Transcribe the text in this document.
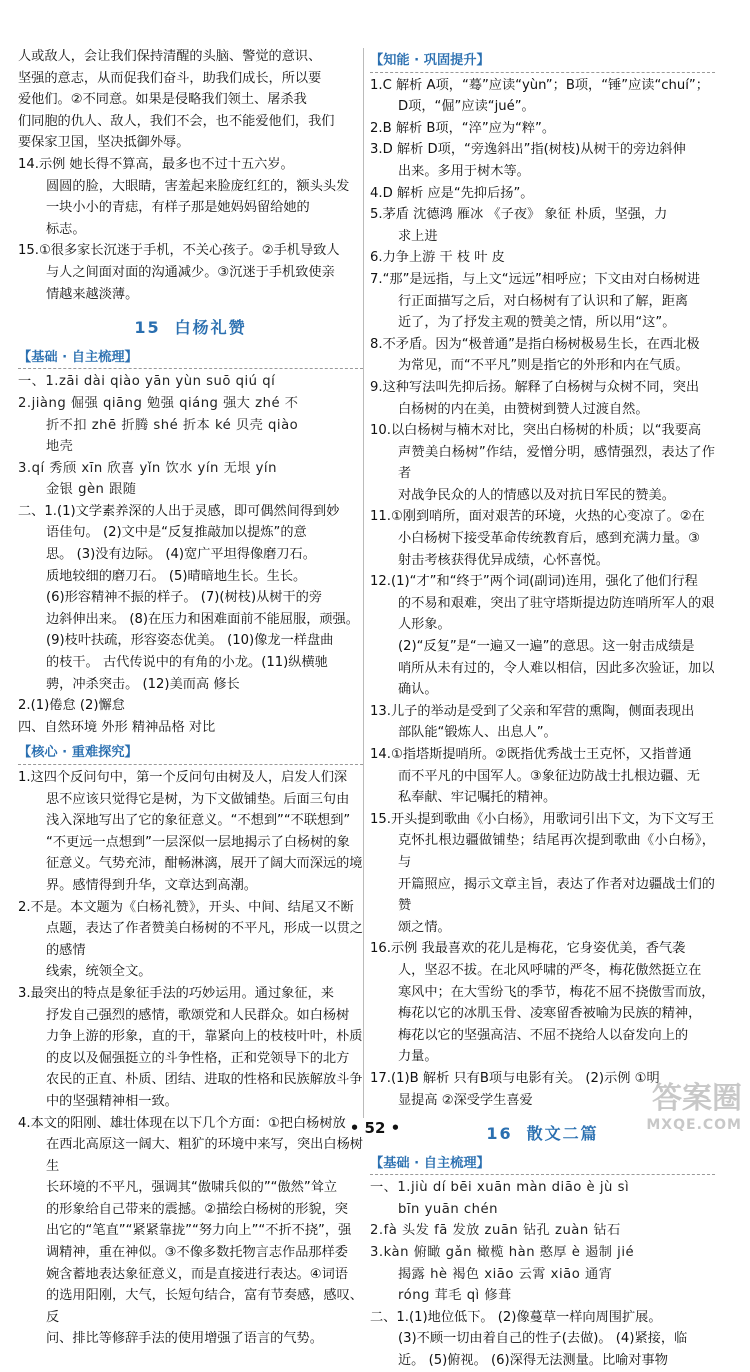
人或敌人，会让我们保持清醒的头脑、警觉的意识、

坚强的意志，从而促我们奋斗，助我们成长，所以要

爱他们。②不同意。如果是侵略我们领土、屠杀我

们同胞的仇人、敌人，我们不会，也不能爱他们，我们

要保家卫国，坚决抵御外辱。

14.示例 她长得不算高，最多也不过十五六岁。

圆圆的脸，大眼睛，害羞起来脸庞红红的，额头头发

一块小小的青痣，有样子那是她妈妈留给她的

标志。

15.①很多家长沉迷于手机，不关心孩子。②手机导致人

与人之间面对面的沟通减少。③沉迷于手机致使亲

情越来越淡薄。

15 白杨礼赞
【 基础 · 自主梳理 】

一、1.zāi dài qiào yān yùn suō qiú qí

2.jiàng 倔强 qiāng 勉强 qiáng 强大 zhé 不

折不扣 zhē 折腾 shé 折本 ké 贝壳 qiào

地壳

3.qí 秀颀 xīn 欣喜 yǐn 饮水 yín 无垠 yín

金银 gèn 跟随

二、1.(1)文学素养深的人出于灵感，即可偶然间得到妙

语佳句。 (2)文中是“反复推敲加以提炼”的意

思。 (3)没有边际。 (4)宽广平坦得像磨刀石。

质地较细的磨刀石。 (5)晴暗地生长。生长。

(6)形容精神不振的样子。 (7)(树枝)从树干的旁

边斜伸出来。 (8)在压力和困难面前不能屈服，顽强。

(9)枝叶扶疏，形容姿态优美。 (10)像龙一样盘曲

的枝干。 古代传说中的有角的小龙。(11)纵横驰

骋，冲杀突击。 (12)美而高 修长

2.(1)倦怠 (2)懈怠

四、自然环境 外形 精神品格 对比

【 核心 · 重难探究 】

1.这四个反问句中，第一个反问句由树及人，启发人们深

思不应该只觉得它是树，为下文做铺垫。后面三句由

浅入深地写出了它的象征意义。“不想到”“不联想到”

“不更远一点想到”一层深似一层地揭示了白杨树的象

征意义。气势充沛，酣畅淋漓，展开了阔大而深远的境

界。感情得到升华，文章达到高潮。

2.不是。本文题为《白杨礼赞》，开头、中间、结尾又不断

点题，表达了作者赞美白杨树的不平凡，形成一以贯之的感情

线索，统领全文。

3.最突出的特点是象征手法的巧妙运用。通过象征，来

抒发自己强烈的感情，歌颂党和人民群众。如白杨树

力争上游的形象，直的干，靠紧向上的枝枝叶叶，朴质

的皮以及倔强挺立的斗争性格，正和党领导下的北方

农民的正直、朴质、团结、进取的性格和民族解放斗争

中的坚强精神相一致。

4.本文的阳刚、雄壮体现在以下几个方面：①把白杨树放

在西北高原这一阔大、粗犷的环境中来写，突出白杨树生

长环境的不平凡，强调其“傲啸兵似的”“傲然”耸立

的形象给自己带来的震撼。②描绘白杨树的形貌，突

出它的“笔直”“紧紧靠拢”“努力向上”“不折不挠”，强

调精神，重在神似。③不像多数托物言志作品那样委

婉含蓄地表达象征意义，而是直接进行表达。④词语

的选用阳刚，大气，长短句结合，富有节奏感，感叹、反

问、排比等修辞手法的使用增强了语言的气势。

【 知能 · 巩固提升 】

1.C 解析 A项，“蓦”应读“yùn”；B项，“锤”应读“chuí”；

D项，“倔”应读“jué”。

2.B 解析 B项，“淬”应为“粹”。

3.D 解析 D项，“旁逸斜出”指(树枝)从树干的旁边斜伸

出来。多用于树木等。

4.D 解析 应是“先抑后扬”。

5.茅盾 沈德鸿 雁冰 《子夜》 象征 朴质，坚强，力

求上进

6.力争上游 干 枝 叶 皮

7.“那”是远指，与上文“远远”相呼应；下文由对白杨树进

行正面描写之后，对白杨树有了认识和了解，距离

近了，为了抒发主观的赞美之情，所以用“这”。

8.不矛盾。因为“极普通”是指白杨树极易生长，在西北极

为常见，而“不平凡”则是指它的外形和内在气质。

9.这种写法叫先抑后扬。解释了白杨树与众树不同，突出

白杨树的内在美，由赞树到赞人过渡自然。

10.以白杨树与楠木对比，突出白杨树的朴质；以“我要高

声赞美白杨树”作结，爱憎分明，感情强烈，表达了作者

对战争民众的人的情感以及对抗日军民的赞美。

11.①刚到哨所，面对艰苦的环境，火热的心变凉了。②在

小白杨树下接受革命传统教育后，感到充满力量。③

射击考核获得优异成绩，心怀喜悦。

12.(1)“才”和“终于”两个词(副词)连用，强化了他们行程

的不易和艰难，突出了驻守塔斯提边防连哨所军人的艰

人形象。

(2)“反复”是“一遍又一遍”的意思。这一射击成绩是

哨所从未有过的，令人难以相信，因此多次验证，加以

确认。

13.儿子的举动是受到了父亲和军营的熏陶，侧面表现出

部队能“锻炼人、出息人”。

14.①指塔斯提哨所。②既指优秀战士王克怀，又指普通

而不平凡的中国军人。③象征边防战士扎根边疆、无

私奉献、牢记嘱托的精神。

15.开头提到歌曲《小白杨》，用歌词引出下文，为下文写王

克怀扎根边疆做铺垫；结尾再次提到歌曲《小白杨》，与

开篇照应，揭示文章主旨，表达了作者对边疆战士们的赞

颂之情。

16.示例 我最喜欢的花儿是梅花，它身姿优美，香气袭

人，坚忍不拔。在北风呼啸的严冬，梅花傲然挺立在

寒风中；在大雪纷飞的季节，梅花不屈不挠傲雪而放，

梅花以它的冰肌玉骨、凌寒留香被喻为民族的精神，

梅花以它的坚强高洁、不屈不挠给人以奋发向上的

力量。

17.(1)B 解析 只有B项与电影有关。 (2)示例 ①明

显提高 ②深受学生喜爱

16 散文二篇
【 基础 · 自主梳理 】

一、1.jiù dí bēi xuān màn diāo è jù sì

bīn yuān chén

2.fà 头发 fā 发放 zuān 钻孔 zuàn 钻石

3.kàn 俯瞰 gǎn 橄榄 hàn 憨厚 è 遏制 jié

揭露 hè 褐色 xiāo 云霄 xiāo 通宵

róng 茸毛 qì 修葺

二、1.(1)地位低下。 (2)像蔓草一样向周围扩展。

(3)不顾一切由着自己的性子(去做)。 (4)紧接，临

近。 (5)俯视。 (6)深得无法测量。比喻对事物

• 52 •
答案圈
MXQE.COM
